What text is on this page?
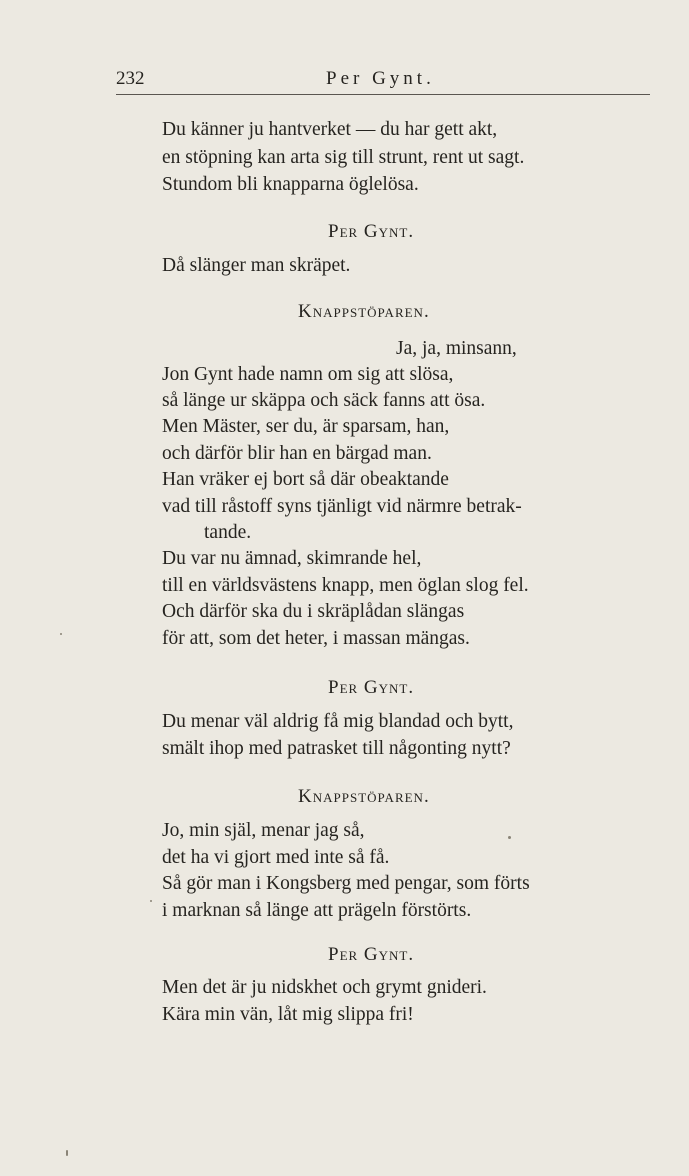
232	Per Gynt.
Du känner ju hantverket — du har gett akt,
en stöpning kan arta sig till strunt, rent ut sagt.
Stundom bli knapparna öglelösa.
Per Gynt.
Då slänger man skräpet.
Knappstöparen.
Ja, ja, minsann,
Jon Gynt hade namn om sig att slösa,
så länge ur skäppa och säck fanns att ösa.
Men Mäster, ser du, är sparsam, han,
och därför blir han en bärgad man.
Han vräker ej bort så där obeaktande
vad till råstoff syns tjänligt vid närmre betrak-
tande.
Du var nu ämnad, skimrande hel,
till en världsvästens knapp, men öglan slog fel.
Och därför ska du i skräplådan slängas
för att, som det heter, i massan mängas.
Per Gynt.
Du menar väl aldrig få mig blandad och bytt,
smält ihop med patrasket till någonting nytt?
Knappstöparen.
Jo, min själ, menar jag så,
det ha vi gjort med inte så få.
Så gör man i Kongsberg med pengar, som förts
i marknan så länge att prägeln förstörts.
Per Gynt.
Men det är ju nidskhet och grymt gnideri.
Kära min vän, låt mig slippa fri!
